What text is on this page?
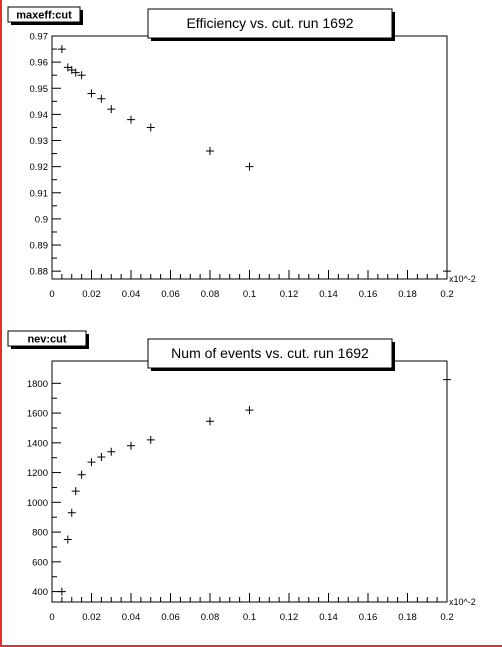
0	0.02 0.04 0.06 0.08 0.1 0.12 0.14 0.16 0.18 0.2
0.88
0.89
0.9
0.91
0.92
0.93
0.94
0.95
0.96
0.97
x10^-2
maxeff:cut	Efficiency vs. cut. run 1692
0	0.02 0.04 0.06 0.08 0.1 0.12 0.14 0.16 0.18 0.2
400
600
800
1000
1200
1400
1600
1800
x10^-2
nev:cut
Num of events vs. cut. run 1692
